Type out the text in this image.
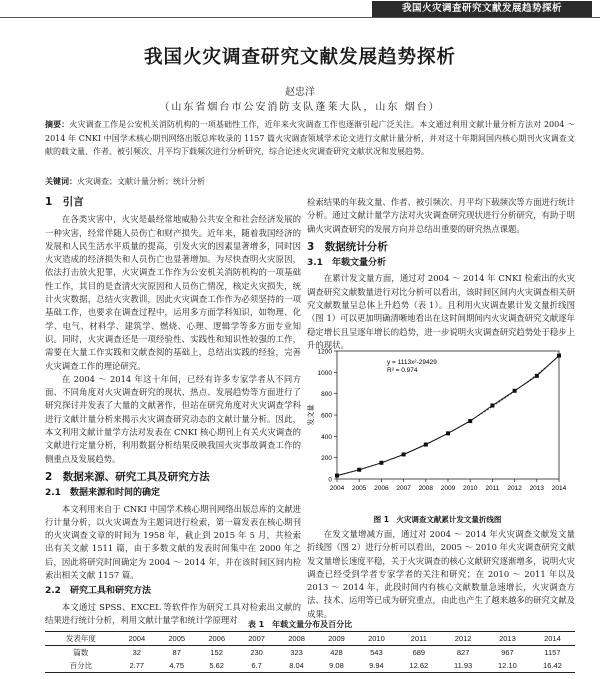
我国火灾调查研究文献发展趋势探析
我国火灾调查研究文献发展趋势探析
赵忠洋
（山东省烟台市公安消防支队蓬莱大队，山东 烟台）
摘要：火灾调查工作是公安机关消防机构的一项基础性工作，近年来火灾调查工作也逐渐引起广泛关注。本文通过利用文献计量分析方法对 2004 ～ 2014 年 CNKI 中国学术核心期刊网络出版总库收录的 1157 篇火灾调查领域学术论文进行文献计量分析，并对这十年期间国内核心期刊火灾调查文献的载文量、作者、被引频次、月平均下载频次进行分析研究，综合论述火灾调查研究文献状况和发展趋势。
关键词：火灾调查；文献计量分析；统计分析
1　引言

在各类灾害中，火灾是最经常地威胁公共安全和社会经济发展的一种灾害，经常伴随人员伤亡和财产损失。近年来，随着我国经济的发展和人民生活水平质量的提高，引发火灾的因素显著增多，同时因火灾造成的经济损失和人员伤亡也显著增加。为尽快查明火灾原因，依法打击放火犯罪，火灾调查工作作为公安机关消防机构的一项基础性工作，其目的是查清火灾原因和人员伤亡情况，核定火灾损失，统计火灾数据，总结火灾教训，因此火灾调查工作作为必须坚持的一项基础工作，也要求在调查过程中，运用多方面学科知识，如物理、化学、电气、材料学、建筑学、燃烧、心理、逻辑学等多方面专业知识。同时，火灾调查还是一项经验性、实践性和知识性较强的工作，需要在大量工作实践和文献查阅的基础上，总结出实践的经验，完善火灾调查工作的理论研究。

在 2004 ～ 2014 年这十年间，已经有许多专家学者从不同方面、不同角度对火灾调查研究的现状、热点、发展趋势等方面进行了研究探讨并发表了大量的文献著作，但站在研究角度对火灾调查学科进行文献计量分析来揭示火灾调查研究动态的文献计量分析。因此，本文利用文献计量学方法对发表在 CNKI 核心期刊上有关火灾调查的文献进行定量分析，利用数据分析结果反映我国火灾事故调查工作的侧重点及发展趋势。

2　数据来源、研究工具及研究方法
2.1　数据来源和时间的确定

本文利用来自于 CNKI 中国学术核心期刊网络出版总库的文献进行计量分析，以火灾调查为主题词进行检索，第一篇发表在核心期刊的火灾调查文章的时间为 1958 年，截止到 2015 年 5 月，共检索出有关文献 1511 篇，由于多数文献的发表时间集中在 2000 年之后，因此将研究时间确定为 2004 ～ 2014 年，并在该时间区间内检索出相关文献 1157 篇。

2.2　研究工具和研究方法

本文通过 SPSS、EXCEL 等软件作为研究工具对检索出文献的结果进行统计分析，利用文献计量学和统计学原理对

检索结果的年载文量、作者、被引频次、月平均下载频次等方面进行统计分析。通过文献计量学方法对火灾调查研究现状进行分析研究，有助于明确火灾调查研究的发展方向并总结出重要的研究热点课题。

3　数据统计分析
3.1　年载文量分析

在累计发文量方面，通过对 2004 ～ 2014 年 CNKI 检索出的火灾调查研究文献数量进行对比分析可以看出，该时间区间内火灾调查相关研究文献数量呈总体上升趋势（表 1）。且利用火灾调查累计发文量折线图（图 1）可以更加明确清晰地看出在这时间期间内火灾调查研究文献逐年稳定增长且呈逐年增长的趋势，进一步说明火灾调查研究趋势处于稳步上升的现状。

发文量
0
200
400
600
800
1000
1200
2004 2005 2006 2007 2008 2009 2010 2011 2012 2013 2014
y = 1113x²-29429
R² = 0.974
图 1　火灾调查文献累计发文量折线图

在发文量增减方面，通过对 2004 ～ 2014 年火灾调查文献发文量折线图（图 2）进行分析可以看出，2005 ～ 2010 年火灾调查研究文献发文量增长速度平稳，关于火灾调查的核心文献研究逐渐增多，说明火灾调查已经受到学者专家学者的关注和研究；在 2010 ～ 2011 年以及 2013 ～ 2014 年，此段时间内有核心文献数量急速增长，火灾调查方法、技术、运用等已成为研究重点，由此也产生了越来越多的研究文献及成果。

表 1　年载文量分布及百分比
发表年度	2004	2005	2006	2007	2008	2009	2010	2011	2012	2013	2014
篇数	32	87	152	230	323	428	543	689	827	967	1157
百分比	2.77	4.75	5.62	6.7	8.04	9.08	9.94	12.62	11.93	12.10	16.42
